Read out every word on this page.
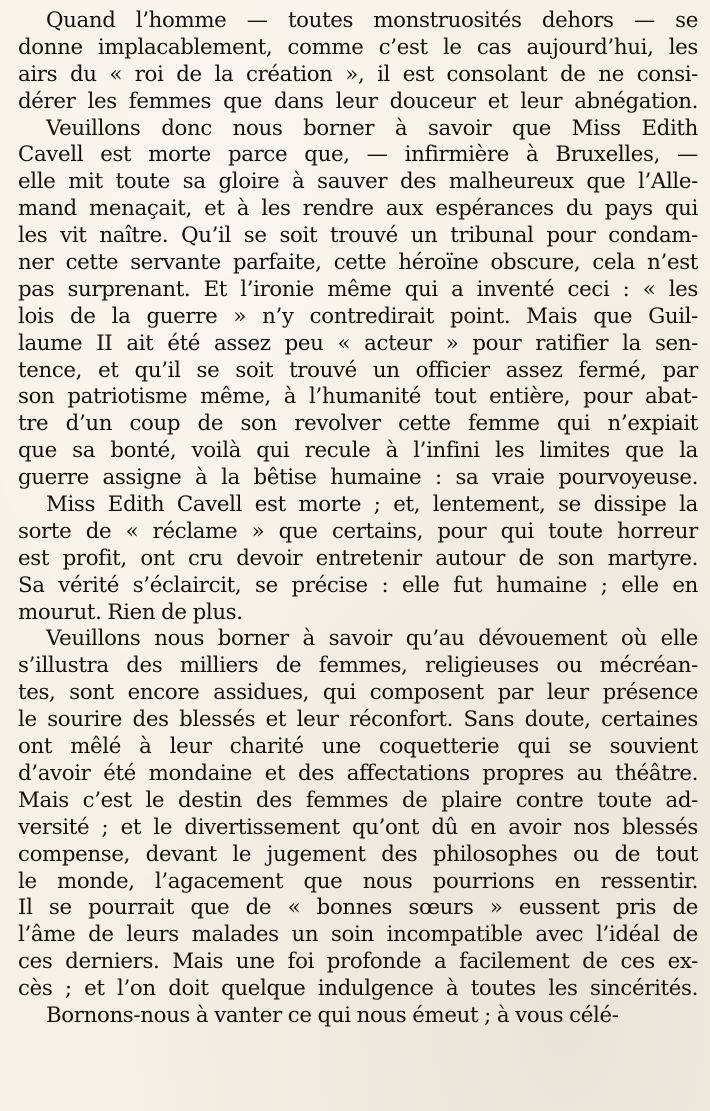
Quand l’homme — toutes monstruosités dehors — se
donne implacablement, comme c’est le cas aujourd’hui, les
airs du « roi de la création », il est consolant de ne consi-
dérer les femmes que dans leur douceur et leur abnégation.
Veuillons donc nous borner à savoir que Miss Edith
Cavell est morte parce que, — infirmière à Bruxelles, —
elle mit toute sa gloire à sauver des malheureux que l’Alle-
mand menaçait, et à les rendre aux espérances du pays qui
les vit naître. Qu’il se soit trouvé un tribunal pour condam-
ner cette servante parfaite, cette héroïne obscure, cela n’est
pas surprenant. Et l’ironie même qui a inventé ceci : « les
lois de la guerre » n’y contredirait point. Mais que Guil-
laume II ait été assez peu « acteur » pour ratifier la sen-
tence, et qu’il se soit trouvé un officier assez fermé, par
son patriotisme même, à l’humanité tout entière, pour abat-
tre d’un coup de son revolver cette femme qui n’expiait
que sa bonté, voilà qui recule à l’infini les limites que la
guerre assigne à la bêtise humaine : sa vraie pourvoyeuse.
Miss Edith Cavell est morte ; et, lentement, se dissipe la
sorte de « réclame » que certains, pour qui toute horreur
est profit, ont cru devoir entretenir autour de son martyre.
Sa vérité s’éclaircit, se précise : elle fut humaine ; elle en
mourut. Rien de plus.
Veuillons nous borner à savoir qu’au dévouement où elle
s’illustra des milliers de femmes, religieuses ou mécréan-
tes, sont encore assidues, qui composent par leur présence
le sourire des blessés et leur réconfort. Sans doute, certaines
ont mêlé à leur charité une coquetterie qui se souvient
d’avoir été mondaine et des affectations propres au théâtre.
Mais c’est le destin des femmes de plaire contre toute ad-
versité ; et le divertissement qu’ont dû en avoir nos blessés
compense, devant le jugement des philosophes ou de tout
le monde, l’agacement que nous pourrions en ressentir.
Il se pourrait que de « bonnes sœurs » eussent pris de
l’âme de leurs malades un soin incompatible avec l’idéal de
ces derniers. Mais une foi profonde a facilement de ces ex-
cès ; et l’on doit quelque indulgence à toutes les sincérités.
Bornons-nous à vanter ce qui nous émeut ; à vous célé-
